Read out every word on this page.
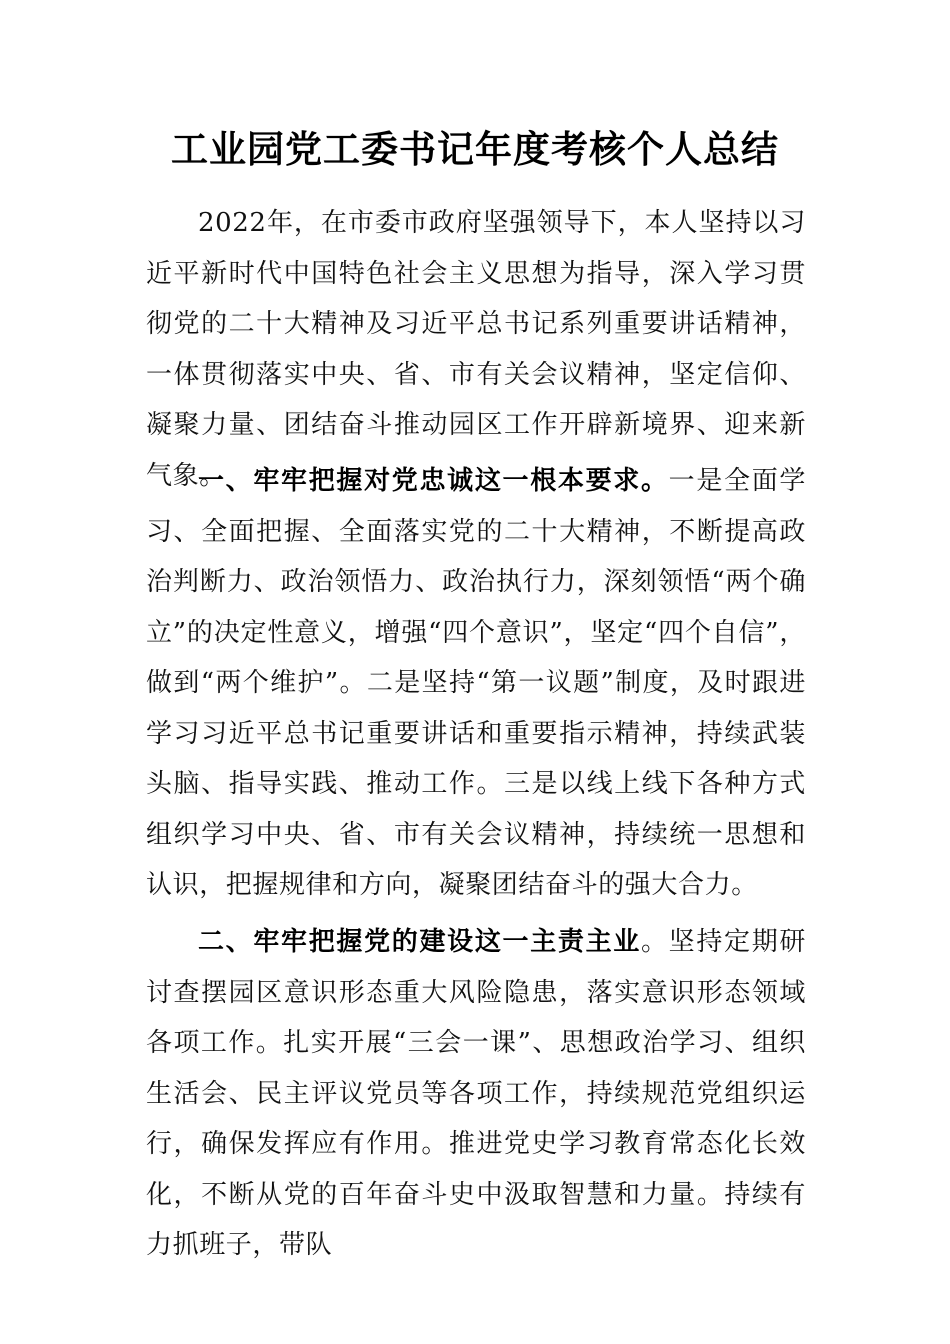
工业园党工委书记年度考核个人总结

2022年，在市委市政府坚强领导下，本人坚持以习近平新时代中国特色社会主义思想为指导，深入学习贯彻党的二十大精神及习近平总书记系列重要讲话精神，一体贯彻落实中央、省、市有关会议精神，坚定信仰、凝聚力量、团结奋斗推动园区工作开辟新境界、迎来新气象。

一、牢牢把握对党忠诚这一根本要求。一是全面学习、全面把握、全面落实党的二十大精神，不断提高政治判断力、政治领悟力、政治执行力，深刻领悟“两个确立”的决定性意义，增强“四个意识”，坚定“四个自信”，做到“两个维护”。二是坚持“第一议题”制度，及时跟进学习习近平总书记重要讲话和重要指示精神，持续武装头脑、指导实践、推动工作。三是以线上线下各种方式组织学习中央、省、市有关会议精神，持续统一思想和认识，把握规律和方向，凝聚团结奋斗的强大合力。

二、牢牢把握党的建设这一主责主业。坚持定期研讨查摆园区意识形态重大风险隐患，落实意识形态领域各项工作。扎实开展“三会一课”、思想政治学习、组织生活会、民主评议党员等各项工作，持续规范党组织运行，确保发挥应有作用。推进党史学习教育常态化长效化，不断从党的百年奋斗史中汲取智慧和力量。持续有力抓班子，带队
